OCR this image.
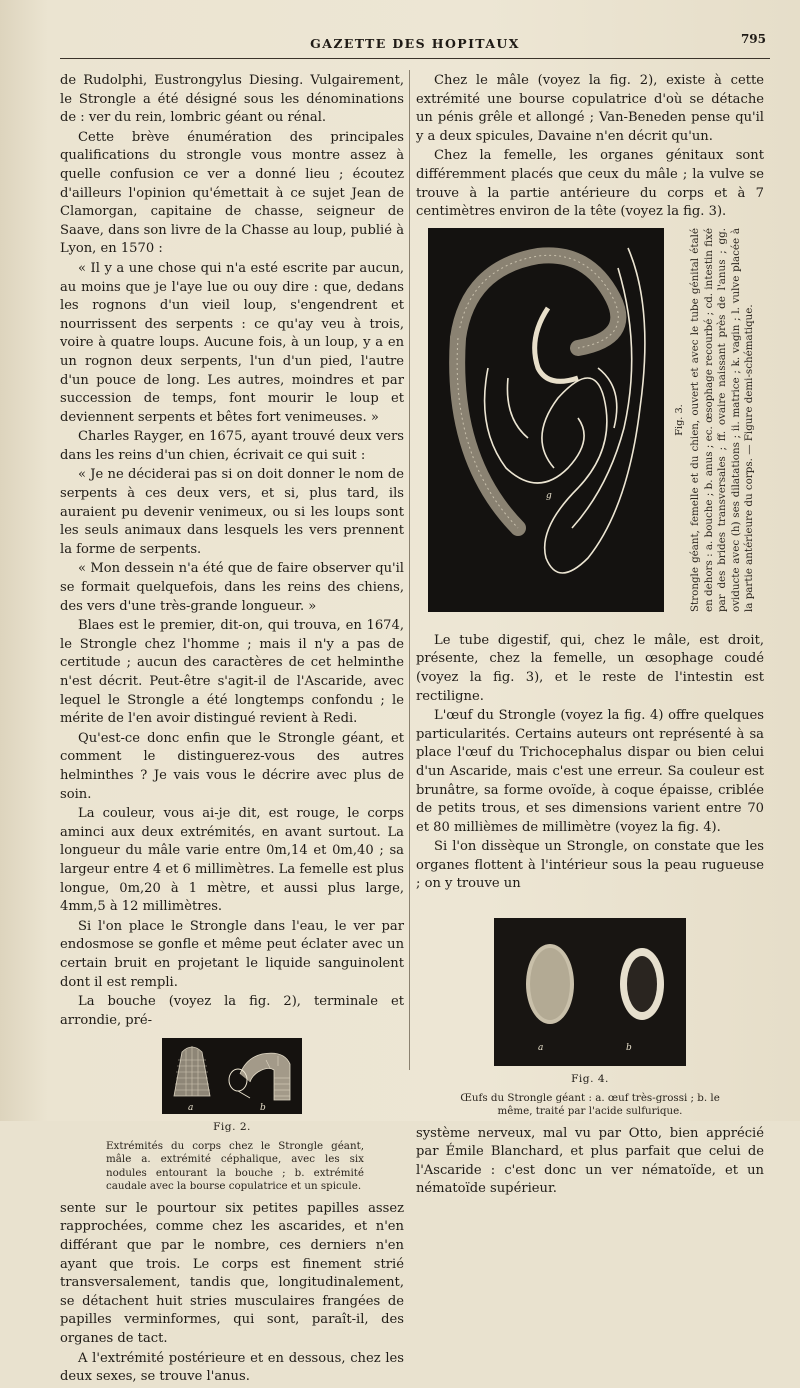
GAZETTE DES HOPITAUX	795

de Rudolphi, Eustrongylus Diesing. Vulgairement, le Strongle a été désigné sous les dénominations de : ver du rein, lombric géant ou rénal.

Cette brève énumération des principales qualifications du strongle vous montre assez à quelle confusion ce ver a donné lieu ; écoutez d'ailleurs l'opinion qu'émettait à ce sujet Jean de Clamorgan, capitaine de chasse, seigneur de Saave, dans son livre de la Chasse au loup, publié à Lyon, en 1570 :

« Il y a une chose qui n'a esté escrite par aucun, au moins que je l'aye lue ou ouy dire : que, dedans les rognons d'un vieil loup, s'engendrent et nourrissent des serpents : ce qu'ay veu à trois, voire à quatre loups. Aucune fois, à un loup, y a en un rognon deux serpents, l'un d'un pied, l'autre d'un pouce de long. Les autres, moindres et par succession de temps, font mourir le loup et deviennent serpents et bêtes fort venimeuses. »

Charles Rayger, en 1675, ayant trouvé deux vers dans les reins d'un chien, écrivait ce qui suit :

« Je ne déciderai pas si on doit donner le nom de serpents à ces deux vers, et si, plus tard, ils auraient pu devenir venimeux, ou si les loups sont les seuls animaux dans lesquels les vers prennent la forme de serpents.

« Mon dessein n'a été que de faire observer qu'il se formait quelquefois, dans les reins des chiens, des vers d'une très-grande longueur. »

Blaes est le premier, dit-on, qui trouva, en 1674, le Strongle chez l'homme ; mais il n'y a pas de certitude ; aucun des caractères de cet helminthe n'est décrit. Peut-être s'agit-il de l'Ascaride, avec lequel le Strongle a été longtemps confondu ; le mérite de l'en avoir distingué revient à Redi.

Qu'est-ce donc enfin que le Strongle géant, et comment le distinguerez-vous des autres helminthes ? Je vais vous le décrire avec plus de soin.

La couleur, vous ai-je dit, est rouge, le corps aminci aux deux extrémités, en avant surtout. La longueur du mâle varie entre 0m,14 et 0m,40 ; sa largeur entre 4 et 6 millimètres. La femelle est plus longue, 0m,20 à 1 mètre, et aussi plus large, 4mm,5 à 12 millimètres.

Si l'on place le Strongle dans l'eau, le ver par endosmose se gonfle et même peut éclater avec un certain bruit en projetant le liquide sanguinolent dont il est rempli.

La bouche (voyez la fig. 2), terminale et arrondie, pré-

a	b
Fig. 2.
Extrémités du corps chez le Strongle géant, mâle a. extrémité céphalique, avec les six nodules entourant la bouche ; b. extrémité caudale avec la bourse copulatrice et un spicule.

sente sur le pourtour six petites papilles assez rapprochées, comme chez les ascarides, et n'en différant que par le nombre, ces derniers n'en ayant que trois. Le corps est finement strié transversalement, tandis que, longitudinalement, se détachent huit stries musculaires frangées de papilles verminformes, qui sont, paraît-il, des organes de tact.

A l'extrémité postérieure et en dessous, chez les deux sexes, se trouve l'anus.

Chez le mâle (voyez la fig. 2), existe à cette extrémité une bourse copulatrice d'où se détache un pénis grêle et allongé ; Van-Beneden pense qu'il y a deux spicules, Davaine n'en décrit qu'un.

Chez la femelle, les organes génitaux sont différemment placés que ceux du mâle ; la vulve se trouve à la partie antérieure du corps et à 7 centimètres environ de la tête (voyez la fig. 3).

g
Fig. 3. Strongle géant, femelle et du chien, ouvert et avec le tube génital étalé en dehors : a. bouche ; b. anus ; ec. œsophage recourbé ; cd. intestin fixé par des brides transversales ; ff. ovaire naissant près de l'anus ; gg. oviducte avec (h) ses dilatations ; ii. matrice ; k. vagin ; l. vulve placée à la partie antérieure du corps. — Figure demi-schématique.

Le tube digestif, qui, chez le mâle, est droit, présente, chez la femelle, un œsophage coudé (voyez la fig. 3), et le reste de l'intestin est rectiligne.

L'œuf du Strongle (voyez la fig. 4) offre quelques particularités. Certains auteurs ont représenté à sa place l'œuf du Trichocephalus dispar ou bien celui d'un Ascaride, mais c'est une erreur. Sa couleur est brunâtre, sa forme ovoïde, à coque épaisse, criblée de petits trous, et ses dimensions varient entre 70 et 80 millièmes de millimètre (voyez la fig. 4).

Si l'on dissèque un Strongle, on constate que les organes flottent à l'intérieur sous la peau rugueuse ; on y trouve un

a	b
Fig. 4.
Œufs du Strongle géant : a. œuf très-grossi ; b. le même, traité par l'acide sulfurique.

système nerveux, mal vu par Otto, bien apprécié par Émile Blanchard, et plus parfait que celui de l'Ascaride : c'est donc un ver nématoïde, et un nématoïde supérieur.
